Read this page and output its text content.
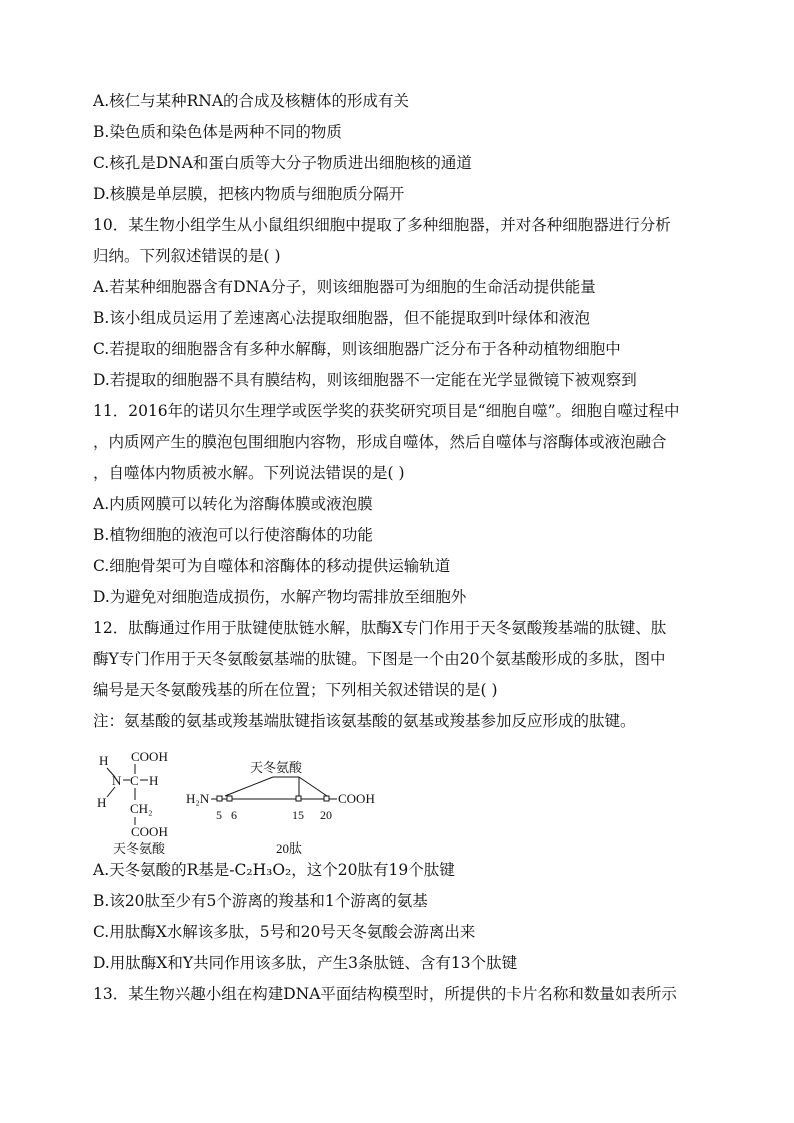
A.核仁与某种RNA的合成及核糖体的形成有关
B.染色质和染色体是两种不同的物质
C.核孔是DNA和蛋白质等大分子物质进出细胞核的通道
D.核膜是单层膜，把核内物质与细胞质分隔开
10．某生物小组学生从小鼠组织细胞中提取了多种细胞器，并对各种细胞器进行分析
归纳。下列叙述错误的是( )
A.若某种细胞器含有DNA分子，则该细胞器可为细胞的生命活动提供能量
B.该小组成员运用了差速离心法提取细胞器，但不能提取到叶绿体和液泡
C.若提取的细胞器含有多种水解酶，则该细胞器广泛分布于各种动植物细胞中
D.若提取的细胞器不具有膜结构，则该细胞器不一定能在光学显微镜下被观察到
11．2016年的诺贝尔生理学或医学奖的获奖研究项目是“细胞自噬”。细胞自噬过程中
，内质网产生的膜泡包围细胞内容物，形成自噬体，然后自噬体与溶酶体或液泡融合
，自噬体内物质被水解。下列说法错误的是( )
A.内质网膜可以转化为溶酶体膜或液泡膜
B.植物细胞的液泡可以行使溶酶体的功能
C.细胞骨架可为自噬体和溶酶体的移动提供运输轨道
D.为避免对细胞造成损伤，水解产物均需排放至细胞外
12．肽酶通过作用于肽键使肽链水解，肽酶X专门作用于天冬氨酸羧基端的肽键、肽
酶Y专门作用于天冬氨酸氨基端的肽键。下图是一个由20个氨基酸形成的多肽，图中
编号是天冬氨酸残基的所在位置；下列相关叙述错误的是( )
注：氨基酸的氨基或羧基端肽键指该氨基酸的氨基或羧基参加反应形成的肽键。
A.天冬氨酸的R基是-C₂H₃O₂，这个20肽有19个肽键
B.该20肽至少有5个游离的羧基和1个游离的氨基
C.用肽酶X水解该多肽，5号和20号天冬氨酸会游离出来
D.用肽酶X和Y共同作用该多肽，产生3条肽链、含有13个肽键
13．某生物兴趣小组在构建DNA平面结构模型时，所提供的卡片名称和数量如表所示
H COOH
N C H
H CH₂
COOH
天冬氨酸
天冬氨酸
H₂N	COOH
5 6	15 20
20肽
